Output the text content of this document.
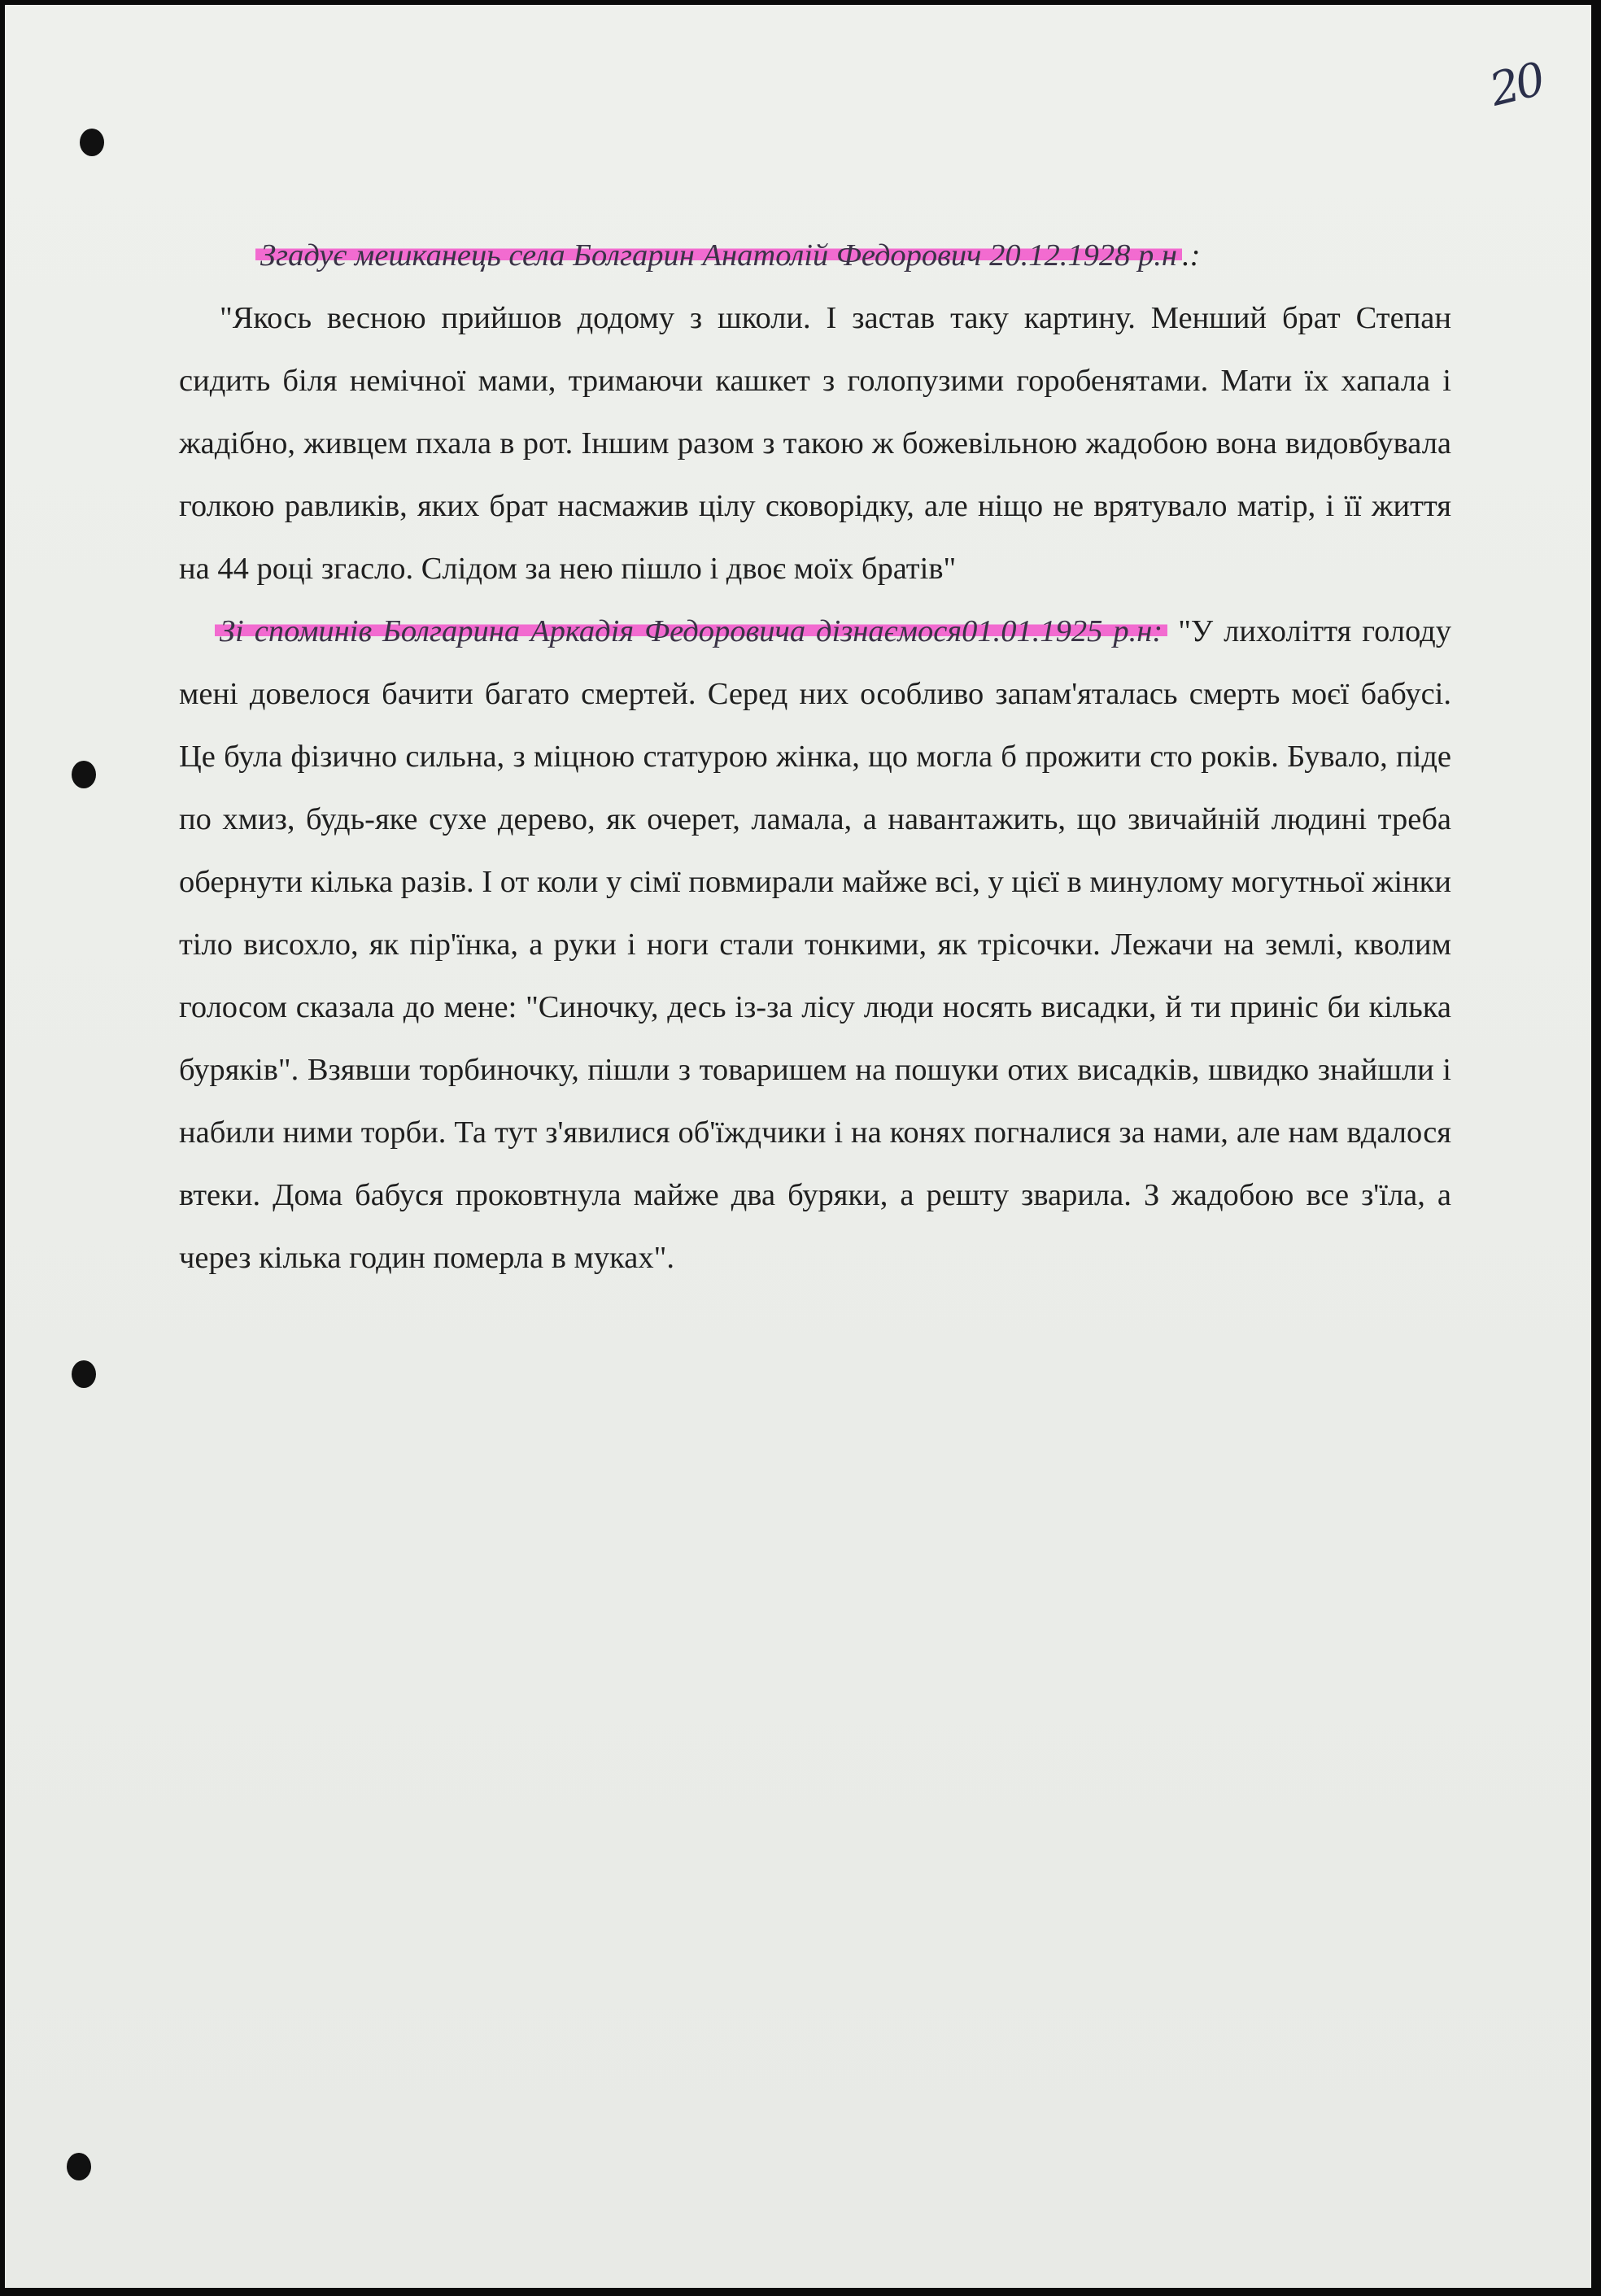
20

Згадує мешканець села Болгарин Анатолій Федорович 20.12.1928 р.н .:

"Якось весною прийшов додому з школи. І застав таку картину. Менший брат Степан сидить біля немічної мами, тримаючи кашкет з голопузими горобенятами. Мати їх хапала і жадібно, живцем пхала в рот. Іншим разом з такою ж божевільною жадобою вона видовбувала голкою равликів, яких брат насмажив цілу сковорідку, але ніщо не врятувало матір, і її життя на 44 році згасло. Слідом за нею пішло і двоє моїх братів"

Зі споминів Болгарина Аркадія Федоровича дізнаємося01.01.1925 р.н: "У лихоліття голоду мені довелося бачити багато смертей. Серед них особливо запам'яталась смерть моєї бабусі. Це була фізично сильна, з міцною статурою жінка, що могла б прожити сто років. Бувало, піде по хмиз, будь-яке сухе дерево, як очерет, ламала, а навантажить, що звичайній людині треба обернути кілька разів. І от коли у сімї повмирали майже всі, у цієї в минулому могутньої жінки тіло висохло, як пір'їнка, а руки і ноги стали тонкими, як трісочки. Лежачи на землі, кволим голосом сказала до мене: "Синочку, десь із-за лісу люди носять висадки, й ти приніс би кілька буряків". Взявши торбиночку, пішли з товаришем на пошуки отих висадків, швидко знайшли і набили ними торби. Та тут з'явилися об'їждчики і на конях погналися за нами, але нам вдалося втеки. Дома бабуся проковтнула майже два буряки, а решту зварила. З жадобою все з'їла, а через кілька годин померла в муках".
